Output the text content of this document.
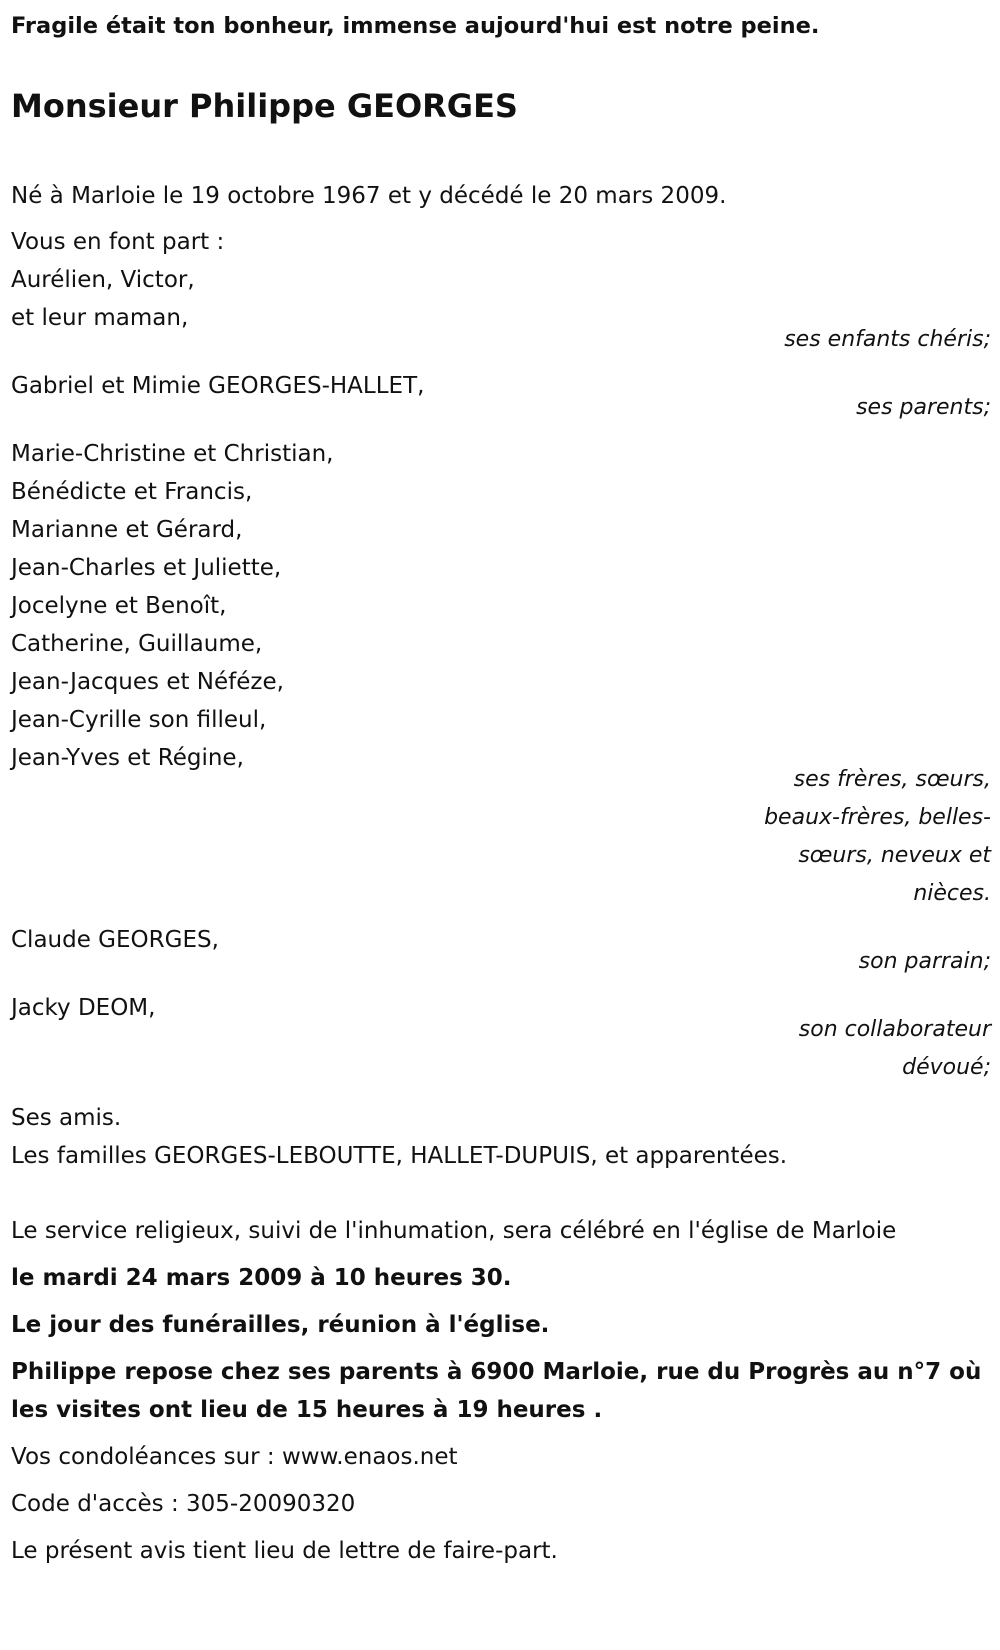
Fragile était ton bonheur, immense aujourd'hui est notre peine.
Monsieur Philippe GEORGES
Né à Marloie le 19 octobre 1967 et y décédé le 20 mars 2009.
Vous en font part :
Aurélien, Victor,
et leur maman,
ses enfants chéris;
Gabriel et Mimie GEORGES-HALLET,
ses parents;
Marie-Christine et Christian,
Bénédicte et Francis,
Marianne et Gérard,
Jean-Charles et Juliette,
Jocelyne et Benoît,
Catherine, Guillaume,
Jean-Jacques et Néféze,
Jean-Cyrille son filleul,
Jean-Yves et Régine,
ses frères, sœurs,
beaux-frères, belles-
sœurs, neveux et
nièces.
Claude GEORGES,
son parrain;
Jacky DEOM,
son collaborateur
dévoué;
Ses amis.
Les familles GEORGES-LEBOUTTE, HALLET-DUPUIS, et apparentées.
Le service religieux, suivi de l'inhumation, sera célébré en l'église de Marloie
le mardi 24 mars 2009 à 10 heures 30.
Le jour des funérailles, réunion à l'église.
Philippe repose chez ses parents à 6900 Marloie, rue du Progrès au n°7 où les visites ont lieu de 15 heures à 19 heures .
Vos condoléances sur : www.enaos.net
Code d'accès : 305-20090320
Le présent avis tient lieu de lettre de faire-part.
